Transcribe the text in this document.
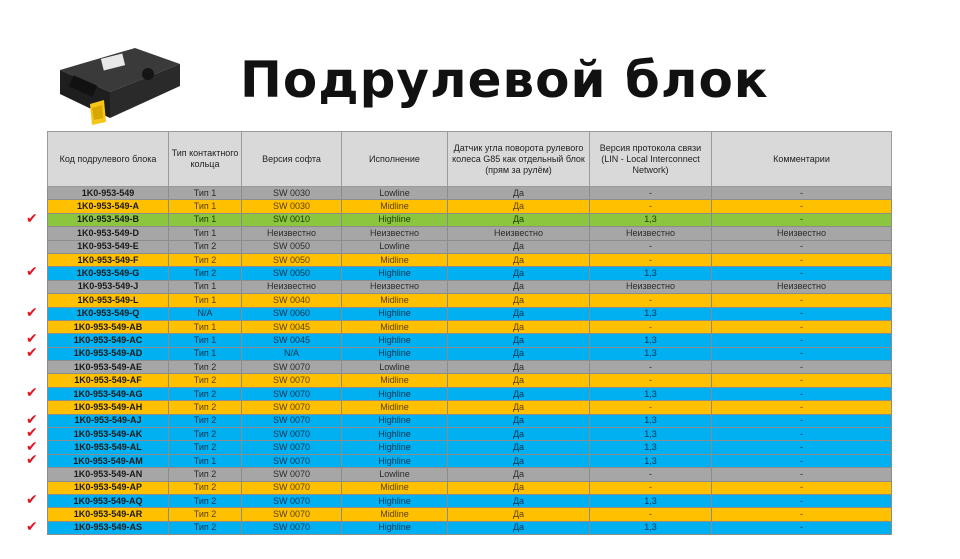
Подрулевой блок
✔
✔
✔
✔
✔
✔
✔
✔
✔
✔
✔
✔
Код подрулевого блока	Тип контактного кольца	Версия софта	Исполнение	Датчик угла поворота рулевого колеса G85 как отдельный блок (прям за рулём)	Версия протокола связи (LIN - Local Interconnect Network)	Комментарии
1K0-953-549	Тип 1	SW 0030	Lowline	Да	-	-
1K0-953-549-A	Тип 1	SW 0030	Midline	Да	-	-
1K0-953-549-B	Тип 1	SW 0010	Highline	Да	1,3	-
1K0-953-549-D	Тип 1	Неизвестно	Неизвестно	Неизвестно	Неизвестно	Неизвестно
1K0-953-549-E	Тип 2	SW 0050	Lowline	Да	-	-
1K0-953-549-F	Тип 2	SW 0050	Midline	Да	-	-
1K0-953-549-G	Тип 2	SW 0050	Highline	Да	1,3	-
1K0-953-549-J	Тип 1	Неизвестно	Неизвестно	Да	Неизвестно	Неизвестно
1K0-953-549-L	Тип 1	SW 0040	Midline	Да	-	-
1K0-953-549-Q	N/A	SW 0060	Highline	Да	1,3	-
1K0-953-549-AB	Тип 1	SW 0045	Midline	Да	-	-
1K0-953-549-AC	Тип 1	SW 0045	Highline	Да	1,3	-
1K0-953-549-AD	Тип 1	N/A	Highline	Да	1,3	-
1K0-953-549-AE	Тип 2	SW 0070	Lowline	Да	-	-
1K0-953-549-AF	Тип 2	SW 0070	Midline	Да	-	-
1K0-953-549-AG	Тип 2	SW 0070	Highline	Да	1,3	-
1K0-953-549-AH	Тип 2	SW 0070	Midline	Да	-	-
1K0-953-549-AJ	Тип 2	SW 0070	Highline	Да	1,3	-
1K0-953-549-AK	Тип 2	SW 0070	Highline	Да	1,3	-
1K0-953-549-AL	Тип 2	SW 0070	Highline	Да	1,3	-
1K0-953-549-AM	Тип 1	SW 0070	Highline	Да	1,3	-
1K0-953-549-AN	Тип 2	SW 0070	Lowline	Да	-	-
1K0-953-549-AP	Тип 2	SW 0070	Midline	Да	-	-
1K0-953-549-AQ	Тип 2	SW 0070	Highline	Да	1,3	-
1K0-953-549-AR	Тип 2	SW 0070	Midline	Да	-	-
1K0-953-549-AS	Тип 2	SW 0070	Highline	Да	1,3	-
